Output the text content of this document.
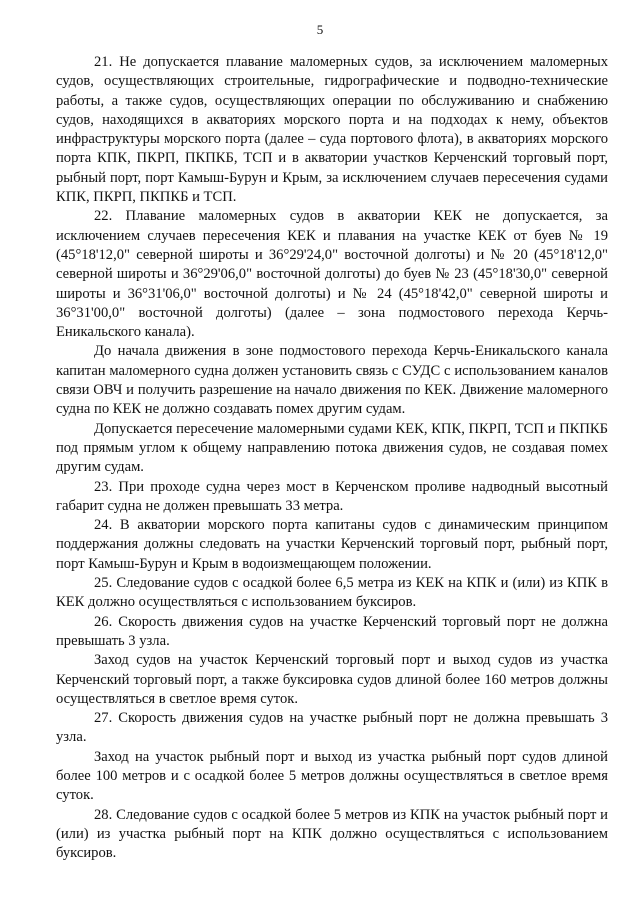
5

21. Не допускается плавание маломерных судов, за исключением маломерных судов, осуществляющих строительные, гидрографические и подводно-технические работы, а также судов, осуществляющих операции по обслуживанию и снабжению судов, находящихся в акваториях морского порта и на подходах к нему, объектов инфраструктуры морского порта (далее – суда портового флота), в акваториях морского порта КПК, ПКРП, ПКПКБ, ТСП и в акватории участков Керченский торговый порт, рыбный порт, порт Камыш-Бурун и Крым, за исключением случаев пересечения судами КПК, ПКРП, ПКПКБ и ТСП.

22. Плавание маломерных судов в акватории КЕК не допускается, за исключением случаев пересечения КЕК и плавания на участке КЕК от буев № 19 (45°18'12,0" северной широты и 36°29'24,0" восточной долготы) и № 20 (45°18'12,0" северной широты и 36°29'06,0" восточной долготы) до буев № 23 (45°18'30,0" северной широты и 36°31'06,0" восточной долготы) и № 24 (45°18'42,0" северной широты и 36°31'00,0" восточной долготы) (далее – зона подмостового перехода Керчь-Еникальского канала).

До начала движения в зоне подмостового перехода Керчь-Еникальского канала капитан маломерного судна должен установить связь с СУДС с использованием каналов связи ОВЧ и получить разрешение на начало движения по КЕК. Движение маломерного судна по КЕК не должно создавать помех другим судам.

Допускается пересечение маломерными судами КЕК, КПК, ПКРП, ТСП и ПКПКБ под прямым углом к общему направлению потока движения судов, не создавая помех другим судам.

23. При проходе судна через мост в Керченском проливе надводный высотный габарит судна не должен превышать 33 метра.

24. В акватории морского порта капитаны судов с динамическим принципом поддержания должны следовать на участки Керченский торговый порт, рыбный порт, порт Камыш-Бурун и Крым в водоизмещающем положении.

25. Следование судов с осадкой более 6,5 метра из КЕК на КПК и (или) из КПК в КЕК должно осуществляться с использованием буксиров.

26. Скорость движения судов на участке Керченский торговый порт не должна превышать 3 узла.

Заход судов на участок Керченский торговый порт и выход судов из участка Керченский торговый порт, а также буксировка судов длиной более 160 метров должны осуществляться в светлое время суток.

27. Скорость движения судов на участке рыбный порт не должна превышать 3 узла.

Заход на участок рыбный порт и выход из участка рыбный порт судов длиной более 100 метров и с осадкой более 5 метров должны осуществляться в светлое время суток.

28. Следование судов с осадкой более 5 метров из КПК на участок рыбный порт и (или) из участка рыбный порт на КПК должно осуществляться с использованием буксиров.
